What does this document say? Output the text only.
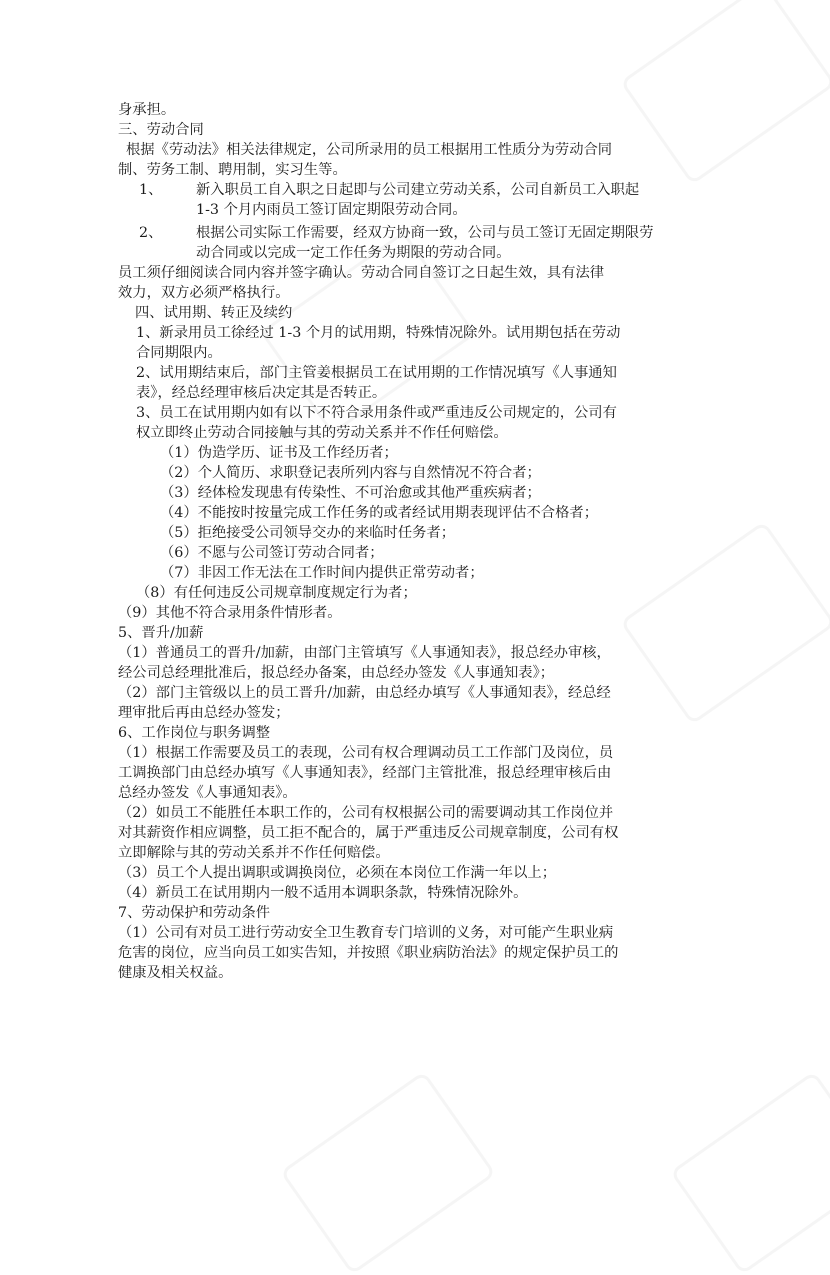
身承担。

三、劳动合同

根据《劳动法》相关法律规定，公司所录用的员工根据用工性质分为劳动合同

制、劳务工制、聘用制，实习生等。

1、	新入职员工自入职之日起即与公司建立劳动关系，公司自新员工入职起

1-3 个月内雨员工签订固定期限劳动合同。

2、	根据公司实际工作需要，经双方协商一致，公司与员工签订无固定期限劳

动合同或以完成一定工作任务为期限的劳动合同。

员工须仔细阅读合同内容并签字确认。劳动合同自签订之日起生效，具有法律

效力，双方必须严格执行。

四、试用期、转正及续约

1、新录用员工徐经过 1-3 个月的试用期，特殊情况除外。试用期包括在劳动

合同期限内。

2、试用期结束后，部门主管姜根据员工在试用期的工作情况填写《人事通知

表》，经总经理审核后决定其是否转正。

3、员工在试用期内如有以下不符合录用条件或严重违反公司规定的，公司有

权立即终止劳动合同接触与其的劳动关系并不作任何赔偿。

（1）伪造学历、证书及工作经历者；

（2）个人简历、求职登记表所列内容与自然情况不符合者；

（3）经体检发现患有传染性、不可治愈或其他严重疾病者；

（4）不能按时按量完成工作任务的或者经试用期表现评估不合格者；

（5）拒绝接受公司领导交办的来临时任务者；

（6）不愿与公司签订劳动合同者；

（7）非因工作无法在工作时间内提供正常劳动者；

（8）有任何违反公司规章制度规定行为者；

（9）其他不符合录用条件情形者。

5、晋升/加薪

（1）普通员工的晋升/加薪，由部门主管填写《人事通知表》，报总经办审核，

经公司总经理批准后，报总经办备案，由总经办签发《人事通知表》；

（2）部门主管级以上的员工晋升/加薪，由总经办填写《人事通知表》，经总经

理审批后再由总经办签发；

6、工作岗位与职务调整

（1）根据工作需要及员工的表现，公司有权合理调动员工工作部门及岗位，员

工调换部门由总经办填写《人事通知表》，经部门主管批准，报总经理审核后由

总经办签发《人事通知表》。

（2）如员工不能胜任本职工作的，公司有权根据公司的需要调动其工作岗位并

对其薪资作相应调整，员工拒不配合的，属于严重违反公司规章制度，公司有权

立即解除与其的劳动关系并不作任何赔偿。

（3）员工个人提出调职或调换岗位，必须在本岗位工作满一年以上；

（4）新员工在试用期内一般不适用本调职条款，特殊情况除外。

7、劳动保护和劳动条件

（1）公司有对员工进行劳动安全卫生教育专门培训的义务，对可能产生职业病

危害的岗位，应当向员工如实告知，并按照《职业病防治法》的规定保护员工的

健康及相关权益。
